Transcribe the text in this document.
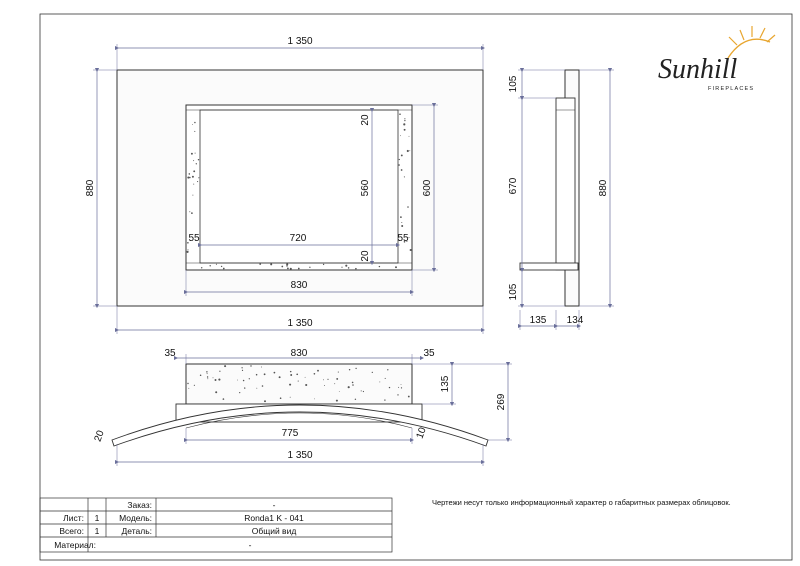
1 350
1 350
880
720
55	55
830
560
20
20
600
105
670
105
880
135 134
35	830	35
135
269
775
20	10
1 350
Sunhill
FIREPLACES
Чертежи несут только информационный характер о габаритных размерах облицовок.
Заказ:	-
Лист: 1 Модель:	Ronda1 K - 041
Всего: 1	Деталь:	Общий вид
Материал:	-
